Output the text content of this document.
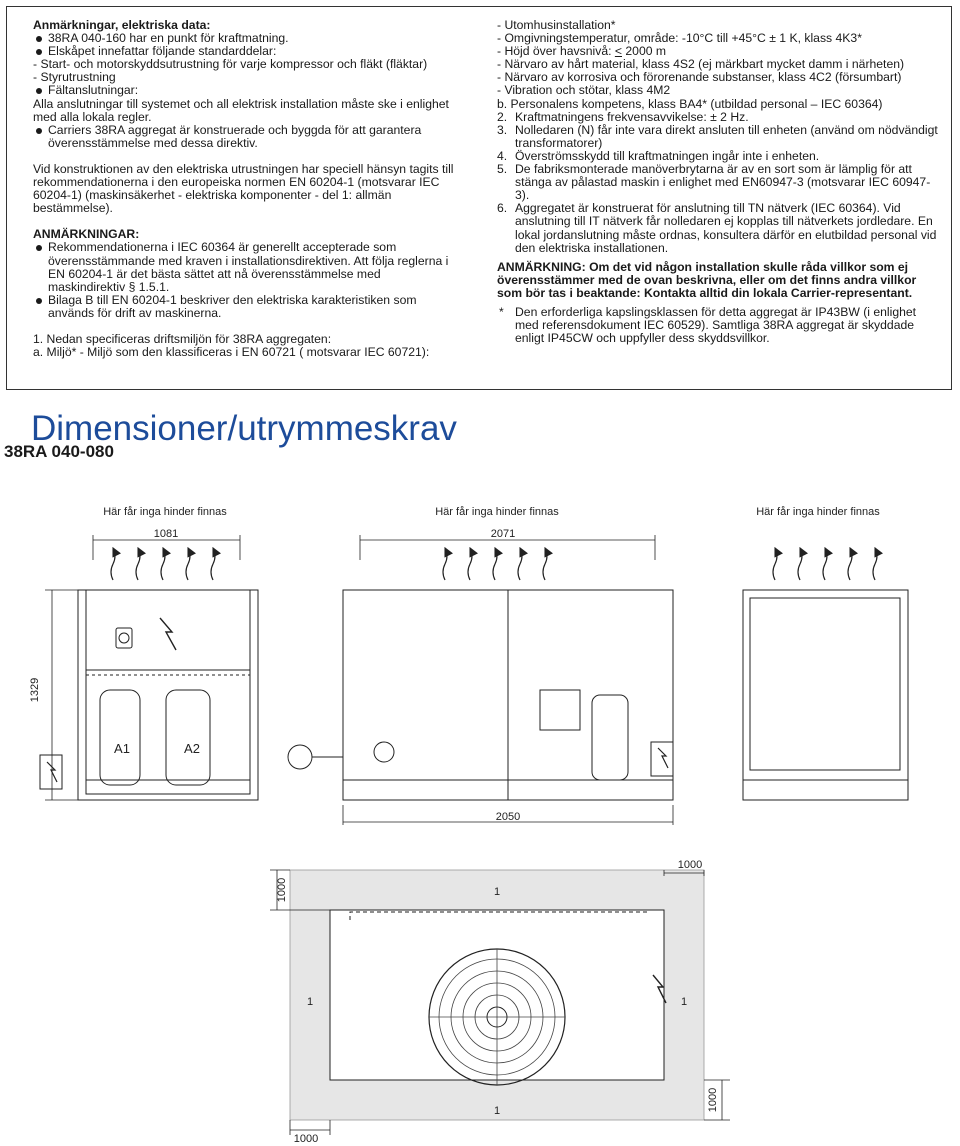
Anmärkningar, elektriska data:

38RA 040-160 har en punkt för kraftmatning.

Elskåpet innefattar följande standarddelar:

- Start- och motorskyddsutrustning för varje kompressor och fläkt (fläktar)

- Styrutrustning

Fältanslutningar:

Alla anslutningar till systemet och all elektrisk installation måste ske i enlighet med alla lokala regler.

Carriers 38RA aggregat är konstruerade och byggda för att garantera överensstämmelse med dessa direktiv.

Vid konstruktionen av den elektriska utrustningen har speciell hänsyn tagits till rekommendationerna i den europeiska normen EN 60204-1 (motsvarar IEC 60204-1) (maskinsäkerhet - elektriska komponenter - del 1: allmän bestämmelse).

ANMÄRKNINGAR:

Rekommendationerna i IEC 60364 är generellt accepterade som överensstämmande med kraven i installationsdirektiven. Att följa reglerna i EN 60204-1 är det bästa sättet att nå överensstämmelse med maskindirektiv § 1.5.1.

Bilaga B till EN 60204-1 beskriver den elektriska karakteristiken som används för drift av maskinerna.

1. Nedan specificeras driftsmiljön för 38RA aggregaten:

a. Miljö* - Miljö som den klassificeras i EN 60721 ( motsvarar IEC 60721):

- Utomhusinstallation*

- Omgivningstemperatur, område: -10°C till +45°C ± 1 K, klass 4K3*

- Höjd över havsnivå: < 2000 m

- Närvaro av hårt material, klass 4S2 (ej märkbart mycket damm i närheten)

- Närvaro av korrosiva och förorenande substanser, klass 4C2 (försumbart)

- Vibration och stötar, klass 4M2

b. Personalens kompetens, klass BA4* (utbildad personal – IEC 60364)

2. Kraftmatningens frekvensavvikelse: ± 2 Hz.

3. Nolledaren (N) får inte vara direkt ansluten till enheten (använd om nödvändigt transformatorer)

4. Överströmsskydd till kraftmatningen ingår inte i enheten.

5. De fabriksmonterade manöverbrytarna är av en sort som är lämplig för att stänga av pålastad maskin i enlighet med EN60947-3 (motsvarar IEC 60947-3).

6. Aggregatet är konstruerat för anslutning till TN nätverk (IEC 60364). Vid anslutning till IT nätverk får nolledaren ej kopplas till nätverkets jordledare. En lokal jordanslutning måste ordnas, konsultera därför en elutbildad personal vid den elektriska installationen.

ANMÄRKNING: Om det vid någon installation skulle råda villkor som ej överensstämmer med de ovan beskrivna, eller om det finns andra villkor som bör tas i beaktande: Kontakta alltid din lokala Carrier-representant.

* Den erforderliga kapslingsklassen för detta aggregat är IP43BW (i enlighet med referensdokument IEC 60529). Samtliga 38RA aggregat är skyddade enligt IP45CW och uppfyller dess skyddsvillkor.

Dimensioner/utrymmeskrav
38RA 040-080
Här får inga hinder finnas	Här får inga hinder finnas	Här får inga hinder finnas
1081	2071
A1	A2
1329
2050
1000
1000
1000
1000
1
1	1
1
